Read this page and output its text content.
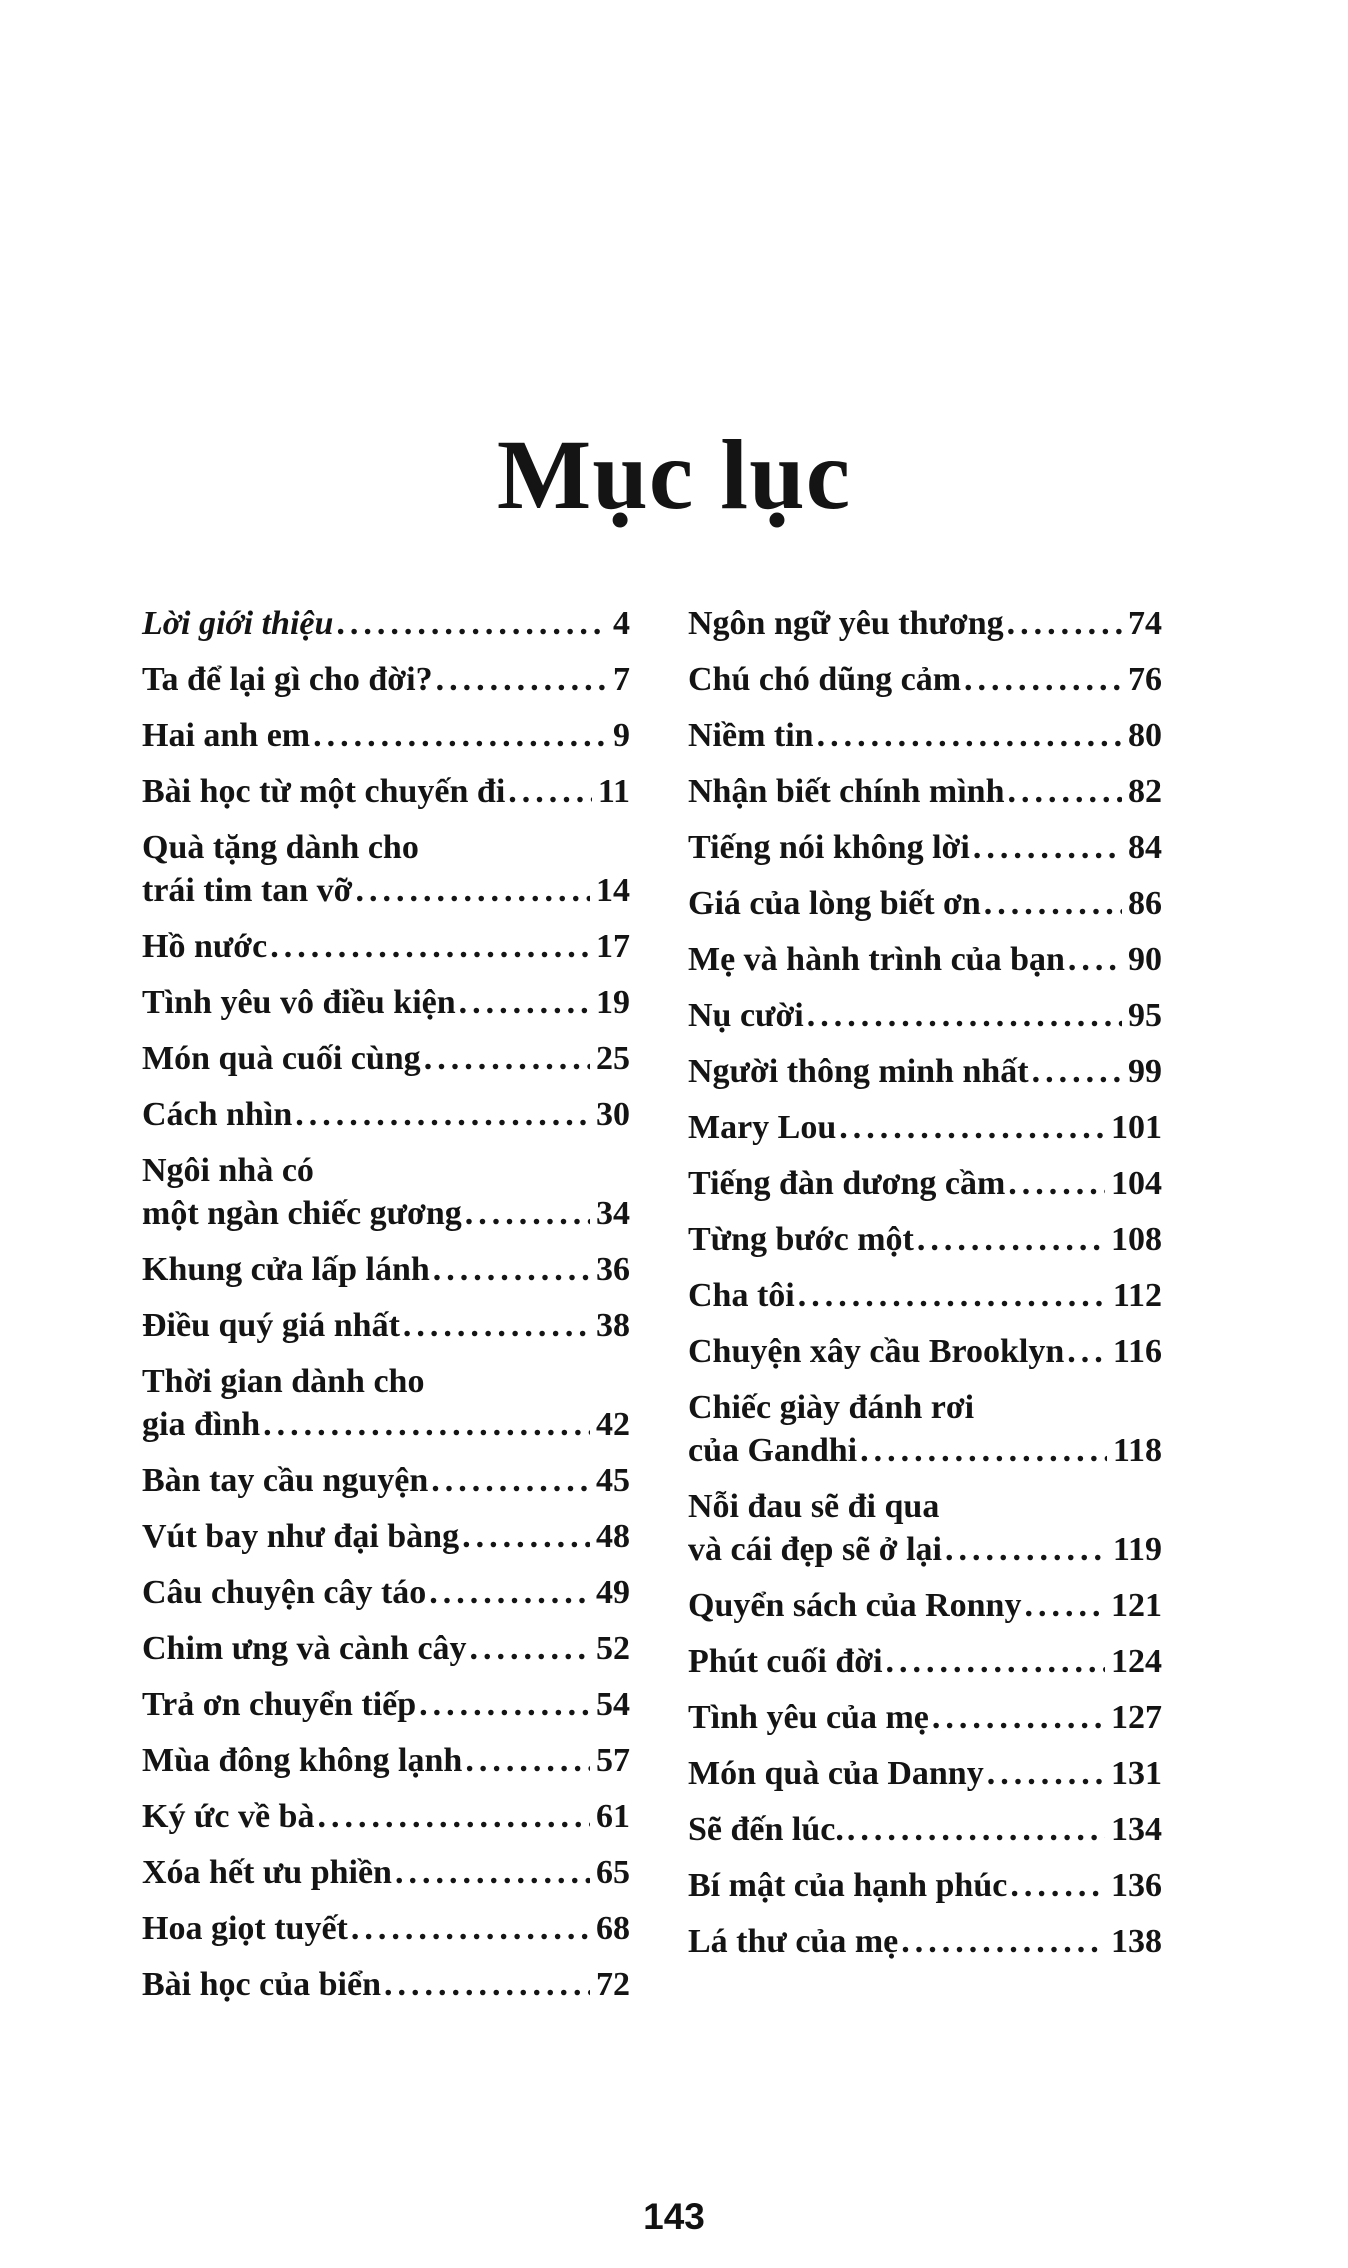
Mục lục
Lời giới thiệu .....	4
Ta để lại gì cho đời? .....	7
Hai anh em .....	9
Bài học từ một chuyến đi .....	11
Quà tặng dành cho
trái tim tan vỡ .....	14
Hồ nước .....	17
Tình yêu vô điều kiện .....	19
Món quà cuối cùng .....	25
Cách nhìn .....	30
Ngôi nhà có
một ngàn chiếc gương .....	34
Khung cửa lấp lánh .....	36
Điều quý giá nhất .....	38
Thời gian dành cho
gia đình .....	42
Bàn tay cầu nguyện .....	45
Vút bay như đại bàng .....	48
Câu chuyện cây táo .....	49
Chim ưng và cành cây .....	52
Trả ơn chuyển tiếp .....	54
Mùa đông không lạnh .....	57
Ký ức về bà .....	61
Xóa hết ưu phiền .....	65
Hoa giọt tuyết .....	68
Bài học của biển .....	72
Ngôn ngữ yêu thương .....	74
Chú chó dũng cảm .....	76
Niềm tin .....	80
Nhận biết chính mình .....	82
Tiếng nói không lời .....	84
Giá của lòng biết ơn .....	86
Mẹ và hành trình của bạn ..... 90
Nụ cười .....	95
Người thông minh nhất .....	99
Mary Lou .....	101
Tiếng đàn dương cầm .....	104
Từng bước một .....	108
Cha tôi .....	112
Chuyện xây cầu Brooklyn ..... 116
Chiếc giày đánh rơi
của Gandhi .....	118
Nỗi đau sẽ đi qua
và cái đẹp sẽ ở lại .....	119
Quyển sách của Ronny .....	121
Phút cuối đời .....	124
Tình yêu của mẹ .....	127
Món quà của Danny .....	131
Sẽ đến lúc. .....	134
Bí mật của hạnh phúc .....	136
Lá thư của mẹ .....	138
143
